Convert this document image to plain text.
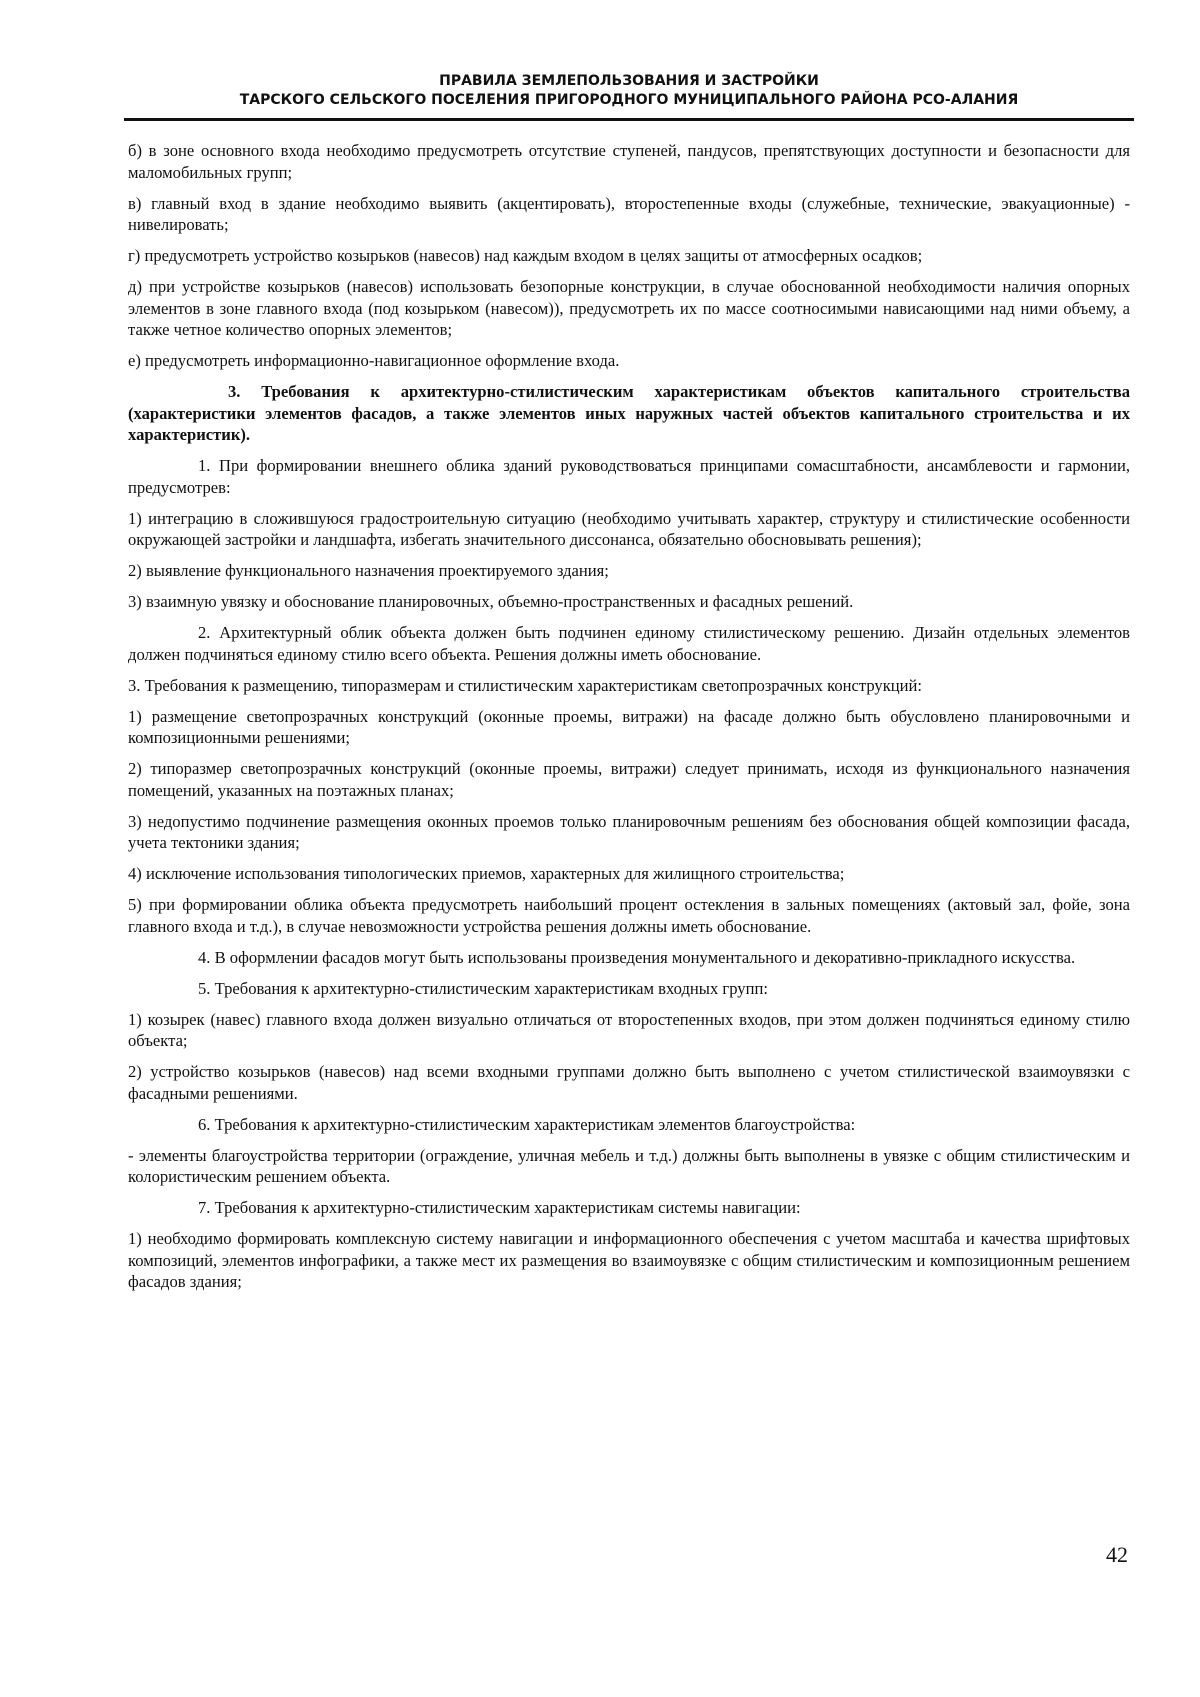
ПРАВИЛА ЗЕМЛЕПОЛЬЗОВАНИЯ И ЗАСТРОЙКИ
ТАРСКОГО СЕЛЬСКОГО ПОСЕЛЕНИЯ ПРИГОРОДНОГО МУНИЦИПАЛЬНОГО РАЙОНА РСО-АЛАНИЯ

б) в зоне основного входа необходимо предусмотреть отсутствие ступеней, пандусов, препятствующих доступности и безопасности для маломобильных групп;

в) главный вход в здание необходимо выявить (акцентировать), второстепенные входы (служебные, технические, эвакуационные) - нивелировать;

г) предусмотреть устройство козырьков (навесов) над каждым входом в целях защиты от атмосферных осадков;

д) при устройстве козырьков (навесов) использовать безопорные конструкции, в случае обоснованной необходимости наличия опорных элементов в зоне главного входа (под козырьком (навесом)), предусмотреть их по массе соотносимыми нависающими над ними объему, а также четное количество опорных элементов;

е) предусмотреть информационно-навигационное оформление входа.

3. Требования к архитектурно-стилистическим характеристикам объектов капитального строительства (характеристики элементов фасадов, а также элементов иных наружных частей объектов капитального строительства и их характеристик).

1. При формировании внешнего облика зданий руководствоваться принципами сомасштабности, ансамблевости и гармонии, предусмотрев:

1) интеграцию в сложившуюся градостроительную ситуацию (необходимо учитывать характер, структуру и стилистические особенности окружающей застройки и ландшафта, избегать значительного диссонанса, обязательно обосновывать решения);

2) выявление функционального назначения проектируемого здания;

3) взаимную увязку и обоснование планировочных, объемно-пространственных и фасадных решений.

2. Архитектурный облик объекта должен быть подчинен единому стилистическому решению. Дизайн отдельных элементов должен подчиняться единому стилю всего объекта. Решения должны иметь обоснование.

3. Требования к размещению, типоразмерам и стилистическим характеристикам светопрозрачных конструкций:

1) размещение светопрозрачных конструкций (оконные проемы, витражи) на фасаде должно быть обусловлено планировочными и композиционными решениями;

2) типоразмер светопрозрачных конструкций (оконные проемы, витражи) следует принимать, исходя из функционального назначения помещений, указанных на поэтажных планах;

3) недопустимо подчинение размещения оконных проемов только планировочным решениям без обоснования общей композиции фасада, учета тектоники здания;

4) исключение использования типологических приемов, характерных для жилищного строительства;

5) при формировании облика объекта предусмотреть наибольший процент остекления в зальных помещениях (актовый зал, фойе, зона главного входа и т.д.), в случае невозможности устройства решения должны иметь обоснование.

4. В оформлении фасадов могут быть использованы произведения монументального и декоративно-прикладного искусства.

5. Требования к архитектурно-стилистическим характеристикам входных групп:

1) козырек (навес) главного входа должен визуально отличаться от второстепенных входов, при этом должен подчиняться единому стилю объекта;

2) устройство козырьков (навесов) над всеми входными группами должно быть выполнено с учетом стилистической взаимоувязки с фасадными решениями.

6. Требования к архитектурно-стилистическим характеристикам элементов благоустройства:

- элементы благоустройства территории (ограждение, уличная мебель и т.д.) должны быть выполнены в увязке с общим стилистическим и колористическим решением объекта.

7. Требования к архитектурно-стилистическим характеристикам системы навигации:

1) необходимо формировать комплексную систему навигации и информационного обеспечения с учетом масштаба и качества шрифтовых композиций, элементов инфографики, а также мест их размещения во взаимоувязке с общим стилистическим и композиционным решением фасадов здания;

42
